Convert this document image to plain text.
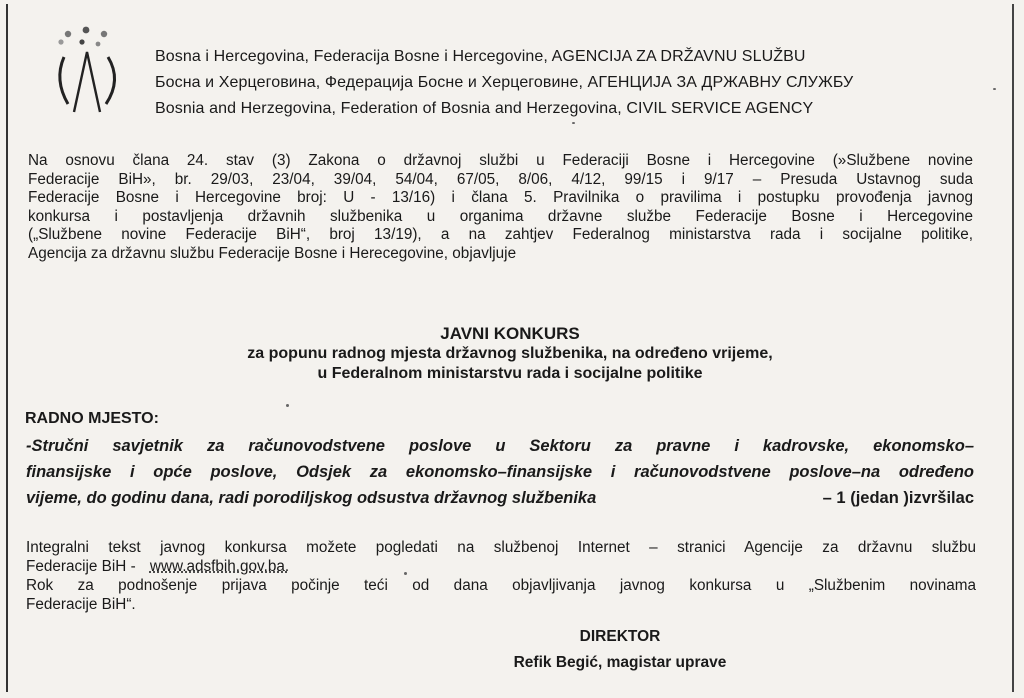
Bosna i Hercegovina, Federacija Bosne i Hercegovine, AGENCIJA ZA DRŽAVNU SLUŽBU
Босна и Херцеговина, Федерација Босне и Херцеговине, АГЕНЦИЈА ЗА ДРЖАВНУ СЛУЖБУ
Bosnia and Herzegovina, Federation of Bosnia and Herzegovina, CIVIL SERVICE AGENCY
Na osnovu člana 24. stav (3) Zakona o državnoj službi u Federaciji Bosne i Hercegovine (»Službene novine
Federacije BiH», br. 29/03, 23/04, 39/04, 54/04, 67/05, 8/06, 4/12, 99/15 i 9/17 – Presuda Ustavnog suda
Federacije Bosne i Hercegovine broj: U - 13/16) i člana 5. Pravilnika o pravilima i postupku provođenja javnog
konkursa i postavljenja državnih službenika u organima državne službe Federacije Bosne i Hercegovine
(„Službene novine Federacije BiH“, broj 13/19), a na zahtjev Federalnog ministarstva rada i socijalne politike,
Agencija za državnu službu Federacije Bosne i Herecegovine, objavljuje
JAVNI KONKURS
za popunu radnog mjesta državnog službenika, na određeno vrijeme,
u Federalnom ministarstvu rada i socijalne politike
RADNO MJESTO:
-Stručni savjetnik za računovodstvene poslove u Sektoru za pravne i kadrovske, ekonomsko–
finansijske i opće poslove, Odsjek za ekonomsko–finansijske i računovodstvene poslove–na određeno
vijeme, do godinu dana, radi porodiljskog odsustva državnog službenika	– 1 (jedan )izvršilac
Integralni tekst javnog konkursa možete pogledati na službenoj Internet – stranici Agencije za državnu službu
Federacije BiH - www.adsfbih.gov.ba.
Rok za podnošenje prijava počinje teći od dana objavljivanja javnog konkursa u „Službenim novinama
Federacije BiH“.
DIREKTOR
Refik Begić, magistar uprave
